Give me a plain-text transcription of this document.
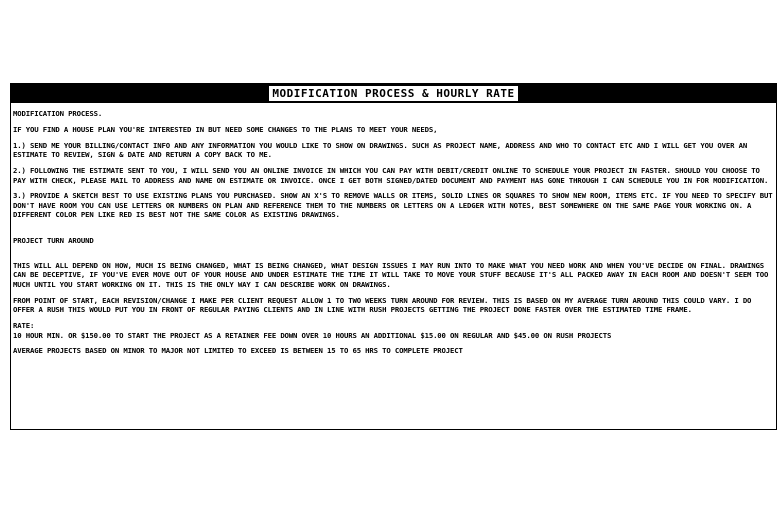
MODIFICATION PROCESS & HOURLY RATE

MODIFICATION PROCESS.

IF YOU FIND A HOUSE PLAN YOU'RE INTERESTED IN BUT NEED SOME CHANGES TO THE PLANS TO MEET YOUR NEEDS,

1.) SEND ME YOUR BILLING/CONTACT INFO AND ANY INFORMATION YOU WOULD LIKE TO SHOW ON DRAWINGS. SUCH AS PROJECT NAME, ADDRESS AND WHO TO CONTACT ETC AND I WILL GET YOU OVER AN ESTIMATE TO REVIEW, SIGN & DATE AND RETURN A COPY BACK TO ME.

2.) FOLLOWING THE ESTIMATE SENT TO YOU, I WILL SEND YOU AN ONLINE INVOICE IN WHICH YOU CAN PAY WITH DEBIT/CREDIT ONLINE TO SCHEDULE YOUR PROJECT IN FASTER. SHOULD YOU CHOOSE TO PAY WITH CHECK, PLEASE MAIL TO ADDRESS AND NAME ON ESTIMATE OR INVOICE. ONCE I GET BOTH SIGNED/DATED DOCUMENT AND PAYMENT HAS GONE THROUGH I CAN SCHEDULE YOU IN FOR MODIFICATION.

3.) PROVIDE A SKETCH BEST TO USE EXISTING PLANS YOU PURCHASED. SHOW AN X'S TO REMOVE WALLS OR ITEMS, SOLID LINES OR SQUARES TO SHOW NEW ROOM, ITEMS ETC. IF YOU NEED TO SPECIFY BUT DON'T HAVE ROOM YOU CAN USE LETTERS OR NUMBERS ON PLAN AND REFERENCE THEM TO THE NUMBERS OR LETTERS ON A LEDGER WITH NOTES, BEST SOMEWHERE ON THE SAME PAGE YOUR WORKING ON. A DIFFERENT COLOR PEN LIKE RED IS BEST NOT THE SAME COLOR AS EXISTING DRAWINGS.

PROJECT TURN AROUND

THIS WILL ALL DEPEND ON HOW, MUCH IS BEING CHANGED, WHAT IS BEING CHANGED, WHAT DESIGN ISSUES I MAY RUN INTO TO MAKE WHAT YOU NEED WORK AND WHEN YOU'VE DECIDE ON FINAL. DRAWINGS CAN BE DECEPTIVE, IF YOU'VE EVER MOVE OUT OF YOUR HOUSE AND UNDER ESTIMATE THE TIME IT WILL TAKE TO MOVE YOUR STUFF BECAUSE IT'S ALL PACKED AWAY IN EACH ROOM AND DOESN'T SEEM TOO MUCH UNTIL YOU START WORKING ON IT. THIS IS THE ONLY WAY I CAN DESCRIBE WORK ON DRAWINGS.

FROM POINT OF START, EACH REVISION/CHANGE I MAKE PER CLIENT REQUEST ALLOW 1 TO TWO WEEKS TURN AROUND FOR REVIEW. THIS IS BASED ON MY AVERAGE TURN AROUND THIS COULD VARY. I DO OFFER A RUSH THIS WOULD PUT YOU IN FRONT OF REGULAR PAYING CLIENTS AND IN LINE WITH RUSH PROJECTS GETTING THE PROJECT DONE FASTER OVER THE ESTIMATED TIME FRAME.

RATE:

10 HOUR MIN. OR $150.00 TO START THE PROJECT AS A RETAINER FEE DOWN OVER 10 HOURS AN ADDITIONAL $15.00 ON REGULAR AND $45.00 ON RUSH PROJECTS

AVERAGE PROJECTS BASED ON MINOR TO MAJOR NOT LIMITED TO EXCEED IS BETWEEN 15 TO 65 HRS TO COMPLETE PROJECT
